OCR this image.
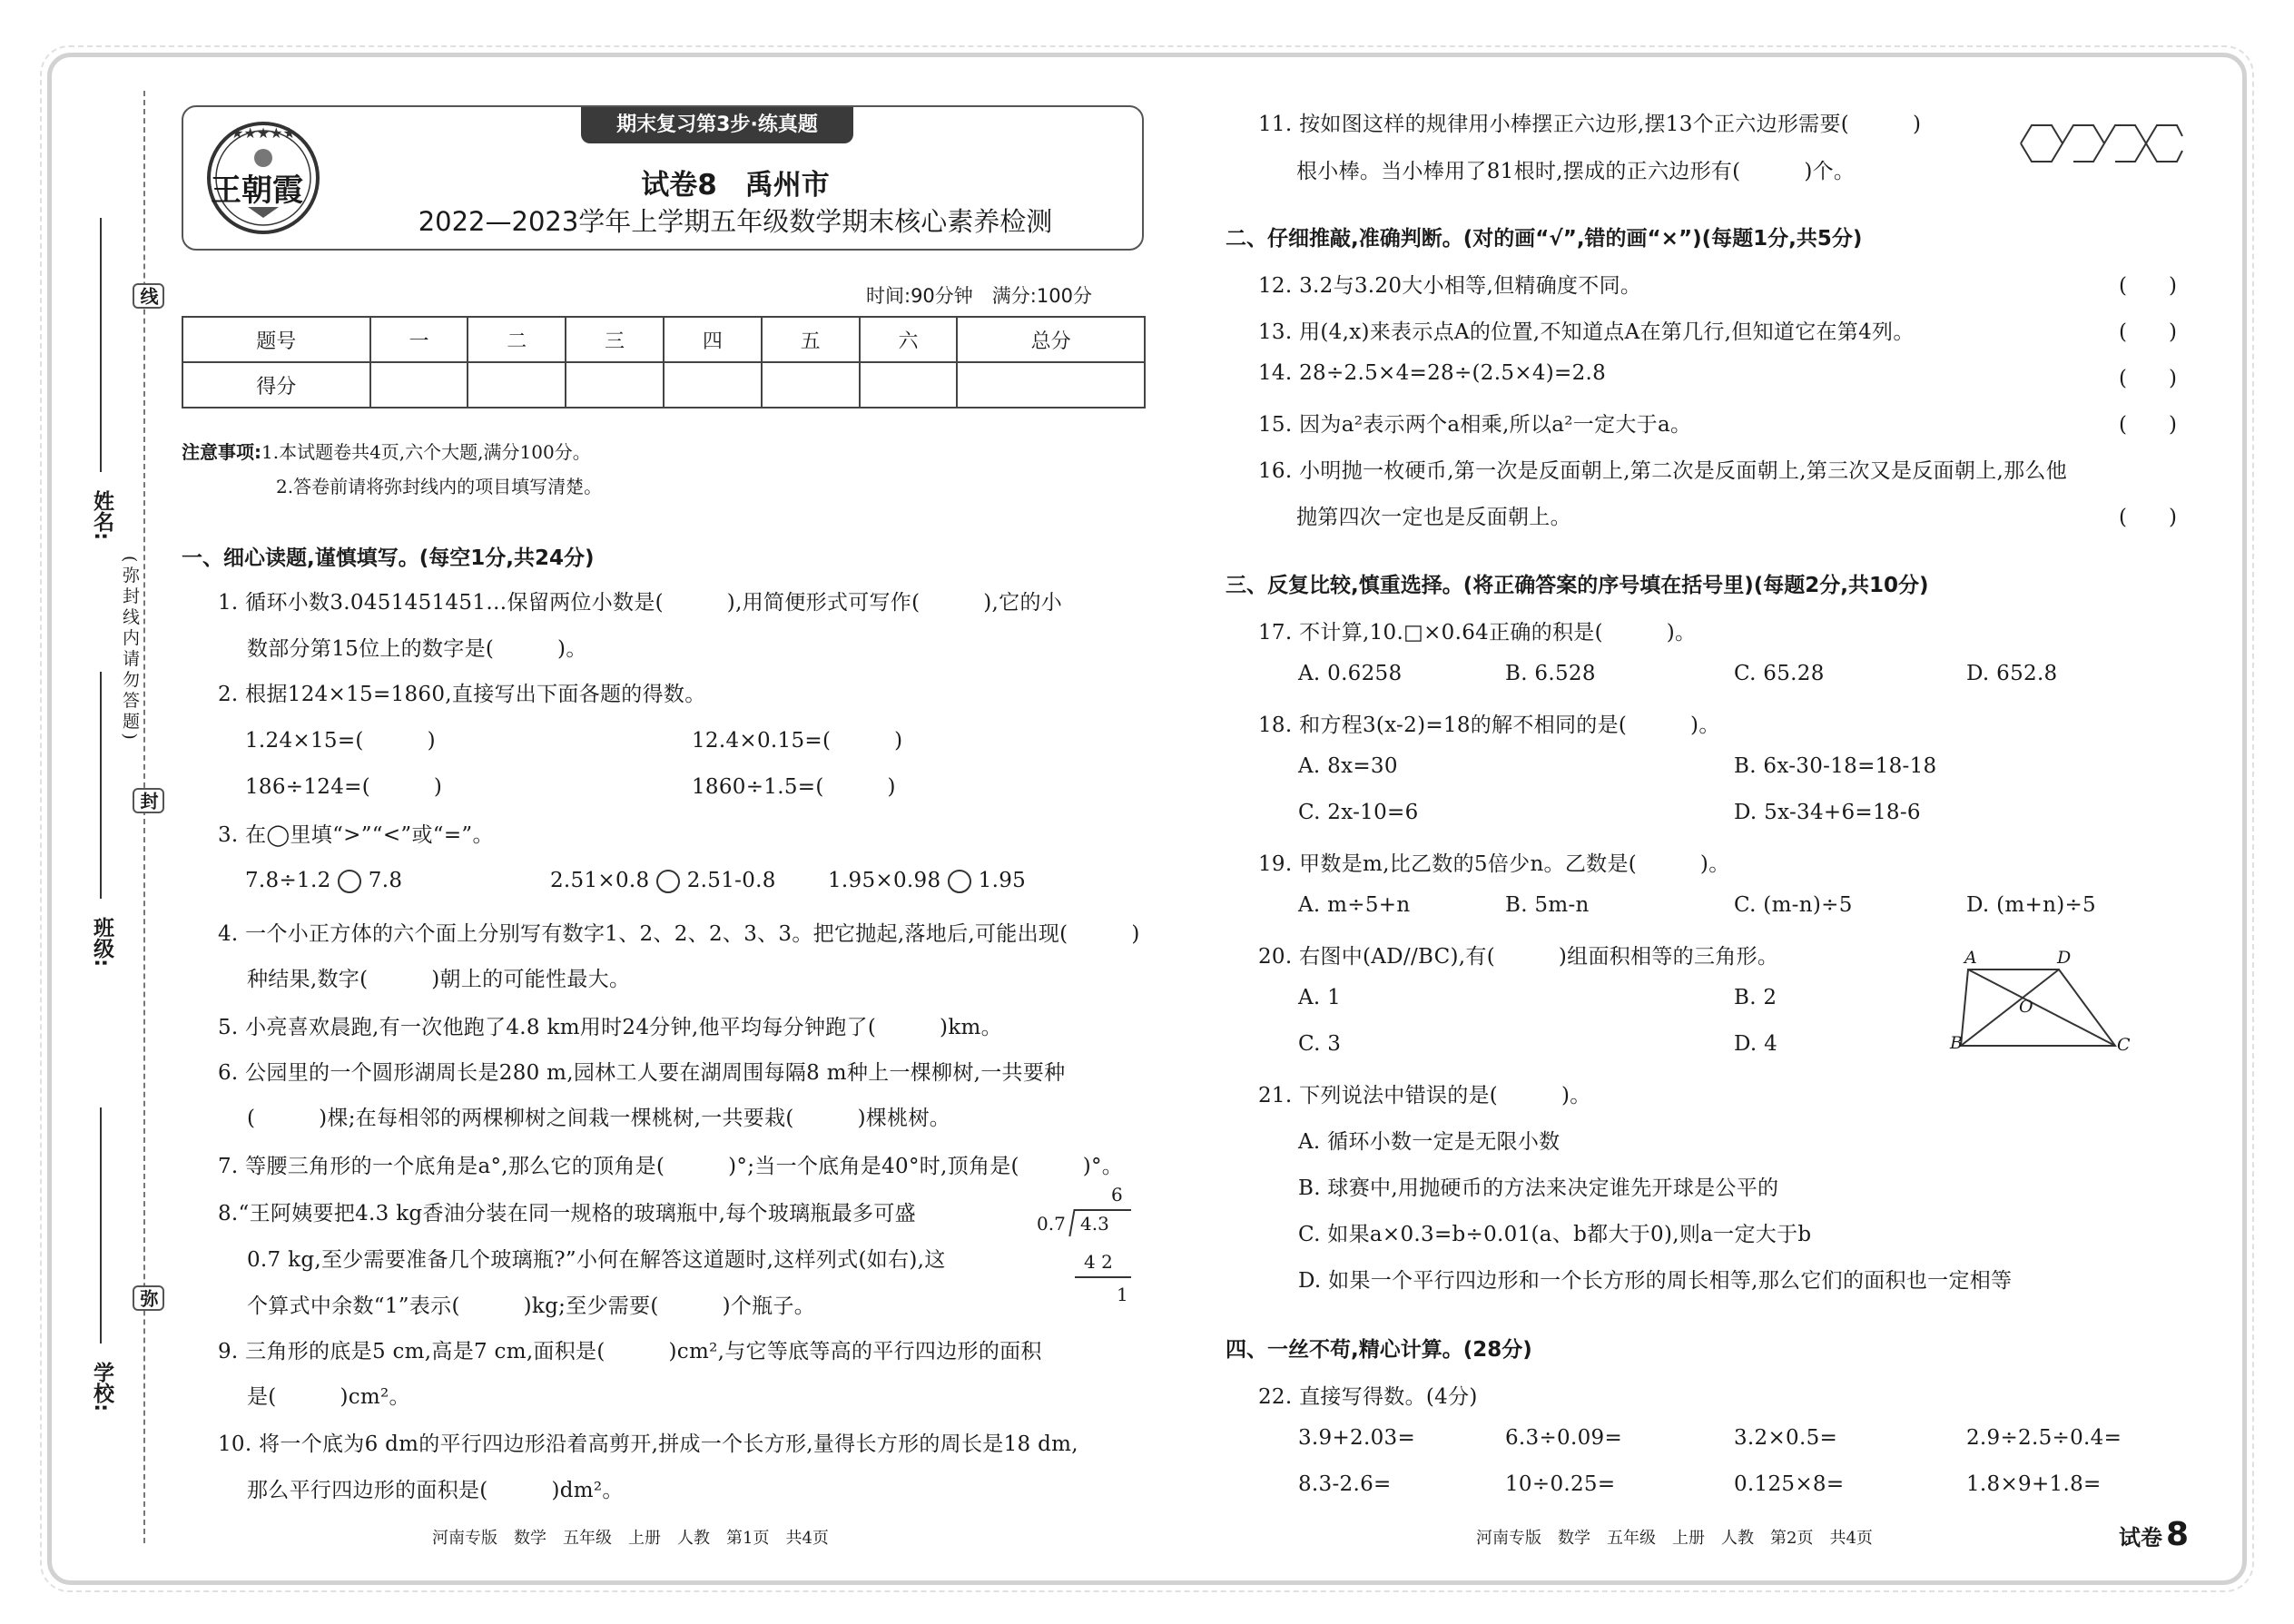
线
封
弥
(弥封线内请勿答题)
姓名:
班级:
学校:
期末复习第3步·练真题
★★★★★
王朝霞	试卷8　禹州市
2022—2023学年上学期五年级数学期末核心素养检测
时间:90分钟　满分:100分
题号	一	二	三	四	五	六	总分
得分							
注意事项:1.本试题卷共4页,六个大题,满分100分。
2.答卷前请将弥封线内的项目填写清楚。
一、细心读题,谨慎填写。(每空1分,共24分)
1. 循环小数3.0451451451…保留两位小数是(　　　),用简便形式可写作(　　　),它的小
数部分第15位上的数字是(　　　)。
2. 根据124×15=1860,直接写出下面各题的得数。
1.24×15=(　　　)	12.4×0.15=(　　　)
186÷124=(　　　)	1860÷1.5=(　　　)
3. 在◯里填“>”“<”或“=”。
7.8÷1.2 7.8	2.51×0.8 2.51-0.8 1.95×0.98 1.95
4. 一个小正方体的六个面上分别写有数字1、2、2、2、3、3。把它抛起,落地后,可能出现(　　　)
种结果,数字(　　　)朝上的可能性最大。
5. 小亮喜欢晨跑,有一次他跑了4.8 km用时24分钟,他平均每分钟跑了(　　　)km。
6. 公园里的一个圆形湖周长是280 m,园林工人要在湖周围每隔8 m种上一棵柳树,一共要种
(　　　)棵;在每相邻的两棵柳树之间栽一棵桃树,一共要栽(　　　)棵桃树。
7. 等腰三角形的一个底角是a°,那么它的顶角是(　　　)°;当一个底角是40°时,顶角是(　　　)°。
8.“王阿姨要把4.3 kg香油分装在同一规格的玻璃瓶中,每个玻璃瓶最多可盛
0.7 kg,至少需要准备几个玻璃瓶?”小何在解答这道题时,这样列式(如右),这
个算式中余数“1”表示(　　　)kg;至少需要(　　　)个瓶子。
6
0.7 4.3
4 2
1
9. 三角形的底是5 cm,高是7 cm,面积是(　　　)cm²,与它等底等高的平行四边形的面积
是(　　　)cm²。
10. 将一个底为6 dm的平行四边形沿着高剪开,拼成一个长方形,量得长方形的周长是18 dm,
那么平行四边形的面积是(　　　)dm²。
河南专版　数学　五年级　上册　人教　第1页　共4页
11. 按如图这样的规律用小棒摆正六边形,摆13个正六边形需要(　　　)
根小棒。当小棒用了81根时,摆成的正六边形有(　　　)个。
二、仔细推敲,准确判断。(对的画“√”,错的画“×”)(每题1分,共5分)
12. 3.2与3.20大小相等,但精确度不同。	(　　)
13. 用(4,x)来表示点A的位置,不知道点A在第几行,但知道它在第4列。	(　　)
14. 28÷2.5×4=28÷(2.5×4)=2.8	(　　)
15. 因为a²表示两个a相乘,所以a²一定大于a。	(　　)
16. 小明抛一枚硬币,第一次是反面朝上,第二次是反面朝上,第三次又是反面朝上,那么他
抛第四次一定也是反面朝上。	(　　)
三、反复比较,慎重选择。(将正确答案的序号填在括号里)(每题2分,共10分)
17. 不计算,10.□×0.64正确的积是(　　　)。
A. 0.6258	B. 6.528	C. 65.28	D. 652.8
18. 和方程3(x-2)=18的解不相同的是(　　　)。
A. 8x=30	B. 6x-30-18=18-18
C. 2x-10=6	D. 5x-34+6=18-6
19. 甲数是m,比乙数的5倍少n。乙数是(　　　)。
A. m÷5+n	B. 5m-n	C. (m-n)÷5	D. (m+n)÷5
20. 右图中(AD//BC),有(　　　)组面积相等的三角形。
A. 1	B. 2
C. 3	D. 4
A	D
O
B	C
21. 下列说法中错误的是(　　　)。
A. 循环小数一定是无限小数
B. 球赛中,用抛硬币的方法来决定谁先开球是公平的
C. 如果a×0.3=b÷0.01(a、b都大于0),则a一定大于b
D. 如果一个平行四边形和一个长方形的周长相等,那么它们的面积也一定相等
四、一丝不苟,精心计算。(28分)
22. 直接写得数。(4分)
3.9+2.03=	6.3÷0.09=	3.2×0.5=	2.9÷2.5÷0.4=
8.3-2.6=	10÷0.25=	0.125×8=	1.8×9+1.8=
河南专版　数学　五年级　上册　人教　第2页　共4页	试卷 8
